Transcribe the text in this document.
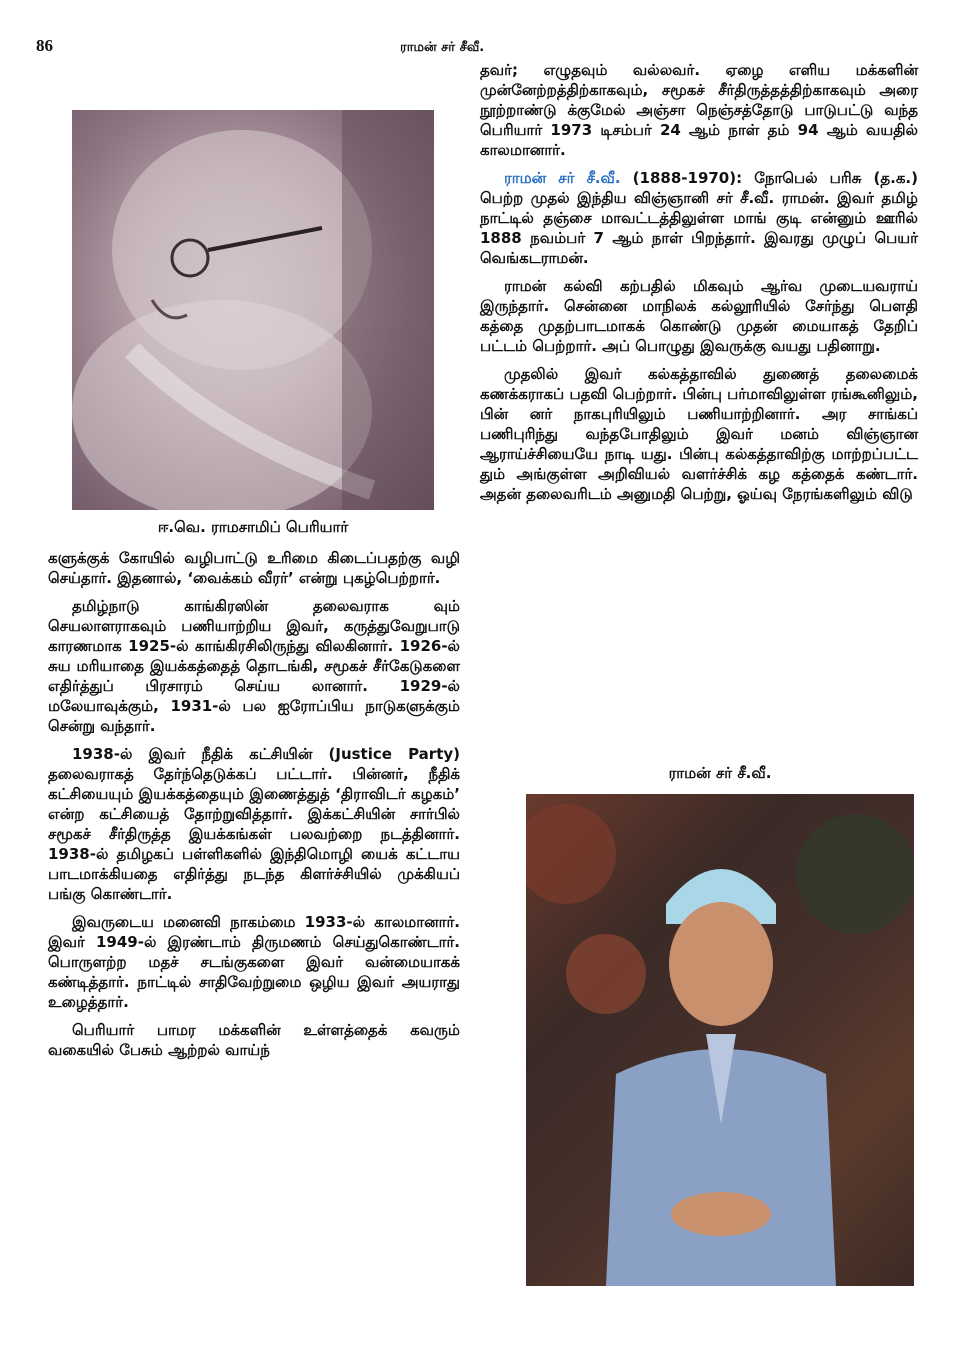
86	ராமன் சர் சீவீ.
ஈ.வெ. ராமசாமிப் பெரியார்

களுக்குக் கோயில் வழிபாட்டு உரிமை கிடைப்பதற்கு வழி செய்தார். இதனால், ‘வைக்கம் வீரர்’ என்று புகழ்பெற்றார்.

தமிழ்நாடு காங்கிரஸின் தலைவராக வும் செயலாளராகவும் பணியாற்றிய இவர், கருத்துவேறுபாடு காரணமாக 1925-ல் காங்கிரசிலிருந்து விலகினார். 1926-ல் சுய மரியாதை இயக்கத்தைத் தொடங்கி, சமூகச் சீர்கேடுகளை எதிர்த்துப் பிரசாரம் செய்ய லானார். 1929-ல் மலேயாவுக்கும், 1931-ல் பல ஐரோப்பிய நாடுகளுக்கும் சென்று வந்தார்.

1938-ல் இவர் நீதிக் கட்சியின் (Justice Party) தலைவராகத் தேர்ந்தெடுக்கப் பட்டார். பின்னர், நீதிக் கட்சியையும் இயக்கத்தையும் இணைத்துத் ‘திராவிடர் கழகம்’ என்ற கட்சியைத் தோற்றுவித்தார். இக்கட்சியின் சார்பில் சமூகச் சீர்திருத்த இயக்கங்கள் பலவற்றை நடத்தினார். 1938-ல் தமிழகப் பள்ளிகளில் இந்திமொழி யைக் கட்டாய பாடமாக்கியதை எதிர்த்து நடந்த கிளர்ச்சியில் முக்கியப் பங்கு கொண்டார்.

இவருடைய மனைவி நாகம்மை 1933-ல் காலமானார். இவர் 1949-ல் இரண்டாம் திருமணம் செய்துகொண்டார். பொருளற்ற மதச் சடங்குகளை இவர் வன்மையாகக் கண்டித்தார். நாட்டில் சாதிவேற்றுமை ஒழிய இவர் அயராது உழைத்தார்.

பெரியார் பாமர மக்களின் உள்ளத்தைக் கவரும் வகையில் பேசும் ஆற்றல் வாய்ந்

தவர்; எழுதவும் வல்லவர். ஏழை எளிய மக்களின் முன்னேற்றத்திற்காகவும், சமூகச் சீர்திருத்தத்திற்காகவும் அரை நூற்றாண்டு க்குமேல் அஞ்சா நெஞ்சத்தோடு பாடுபட்டு வந்த பெரியார் 1973 டிசம்பர் 24 ஆம் நாள் தம் 94 ஆம் வயதில் காலமானார்.

ராமன் சர் சீ.வீ. (1888-1970): நோபெல் பரிசு (த.க.) பெற்ற முதல் இந்திய விஞ்ஞானி சர் சீ.வீ. ராமன். இவர் தமிழ் நாட்டில் தஞ்சை மாவட்டத்திலுள்ள மாங் குடி என்னும் ஊரில் 1888 நவம்பர் 7 ஆம் நாள் பிறந்தார். இவரது முழுப் பெயர் வெங்கடராமன்.

ராமன் கல்வி கற்பதில் மிகவும் ஆர்வ முடையவராய் இருந்தார். சென்னை மாநிலக் கல்லூரியில் சேர்ந்து பௌதி கத்தை முதற்பாடமாகக் கொண்டு முதன் மையாகத் தேறிப் பட்டம் பெற்றார். அப் பொழுது இவருக்கு வயது பதினாறு.

முதலில் இவர் கல்கத்தாவில் துணைத் தலைமைக் கணக்கராகப் பதவி பெற்றார். பின்பு பர்மாவிலுள்ள ரங்கூனிலும், பின் னர் நாகபுரியிலும் பணியாற்றினார். அர சாங்கப் பணிபுரிந்து வந்தபோதிலும் இவர் மனம் விஞ்ஞான ஆராய்ச்சியையே நாடி யது. பின்பு கல்கத்தாவிற்கு மாற்றப்பட்ட தும் அங்குள்ள அறிவியல் வளர்ச்சிக் கழ கத்தைக் கண்டார். அதன் தலைவரிடம் அனுமதி பெற்று, ஓய்வு நேரங்களிலும் விடு

ராமன் சர் சீ.வீ.
